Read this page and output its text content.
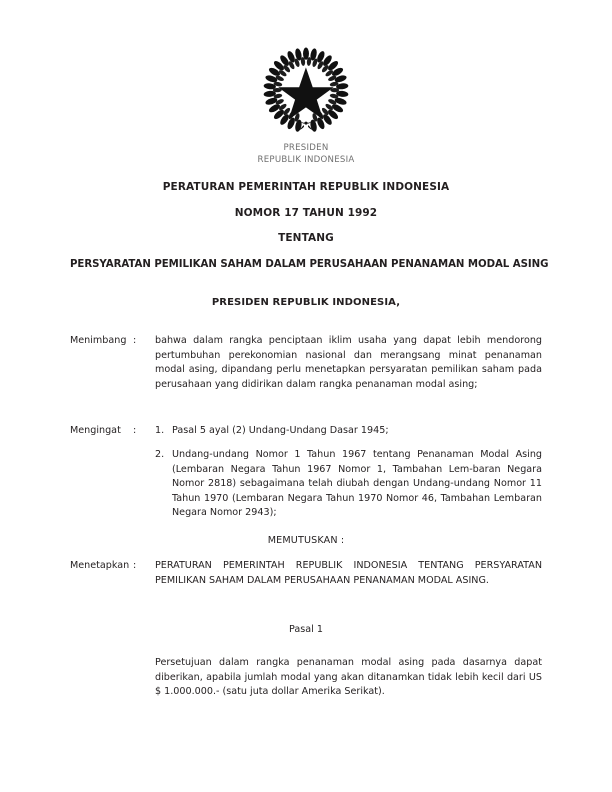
PRESIDEN
REPUBLIK INDONESIA
PERATURAN PEMERINTAH REPUBLIK INDONESIA
NOMOR 17 TAHUN 1992
TENTANG
PERSYARATAN PEMILIKAN SAHAM DALAM PERUSAHAAN PENANAMAN MODAL ASING
PRESIDEN REPUBLIK INDONESIA,
Menimbang :	bahwa dalam rangka penciptaan iklim usaha yang dapat lebih mendorong pertumbuhan perekonomian nasional dan merangsang minat penanaman modal asing, dipandang perlu menetapkan persyaratan pemilikan saham pada perusahaan yang didirikan dalam rangka penanaman modal asing;

Mengingat	:	1. Pasal 5 ayal (2) Undang-Undang Dasar 1945;
2. Undang-undang Nomor 1 Tahun 1967 tentang Penanaman Modal Asing (Lembaran Negara Tahun 1967 Nomor 1, Tambahan Lem-baran Negara Nomor 2818) sebagaimana telah diubah dengan Undang-undang Nomor 11 Tahun 1970 (Lembaran Negara Tahun 1970 Nomor 46, Tambahan Lembaran Negara Nomor 2943);
MEMUTUSKAN :
Menetapkan :	PERATURAN PEMERINTAH REPUBLIK INDONESIA TENTANG PERSYARATAN PEMILIKAN SAHAM DALAM PERUSAHAAN PENANAMAN MODAL ASING.

Pasal 1

Persetujuan dalam rangka penanaman modal asing pada dasarnya dapat diberikan, apabila jumlah modal yang akan ditanamkan tidak lebih kecil dari US $ 1.000.000.- (satu juta dollar Amerika Serikat).
